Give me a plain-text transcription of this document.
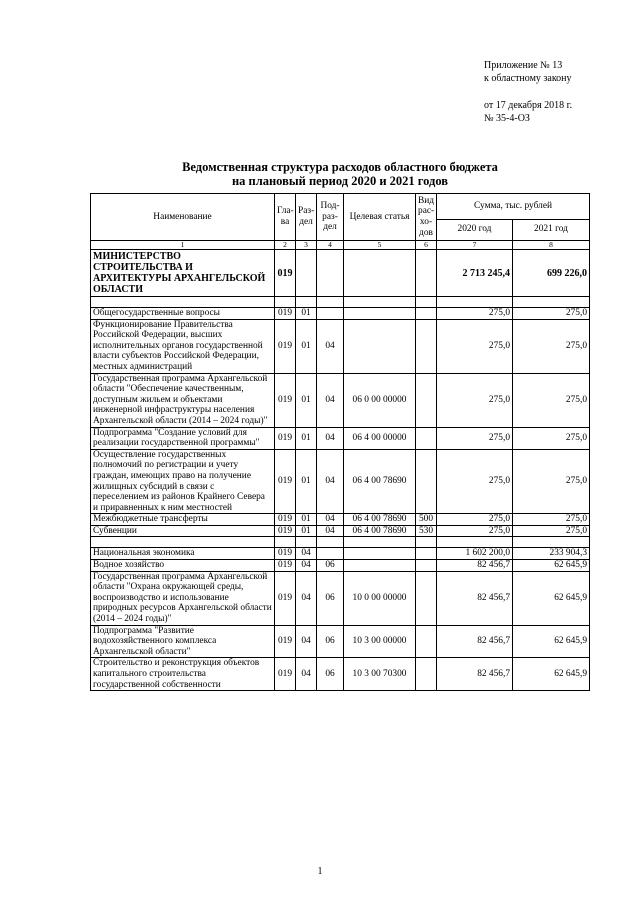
Приложение № 13
к областному закону
от 17 декабря 2018 г.
№ 35-4-ОЗ
Ведомственная структура расходов областного бюджета
на плановый период 2020 и 2021 годов
Наименование	Гла-ва	Раз-дел	Под-раз-дел	Целевая статья	Вид рас-хо-дов	Сумма, тыс. рублей	
						2020 год	2021 год
1	2	3	4	5	6	7	8
МИНИСТЕРСТВО СТРОИТЕЛЬСТВА И АРХИТЕКТУРЫ АРХАНГЕЛЬСКОЙ ОБЛАСТИ	019					2 713 245,4	699 226,0

Общегосударственные вопросы	019	01				275,0	275,0
Функционирование Правительства Российской Федерации, высших исполнительных органов государственной власти субъектов Российской Федерации, местных администраций	019	01	04			275,0	275,0
Государственная программа Архангельской области "Обеспечение качественным, доступным жильем и объектами инженерной инфраструктуры населения Архангельской области (2014 – 2024 годы)"	019	01	04	06 0 00 00000		275,0	275,0
Подпрограмма "Создание условий для реализации государственной программы"	019	01	04	06 4 00 00000		275,0	275,0
Осуществление государственных полномочий по регистрации и учету граждан, имеющих право на получение жилищных субсидий в связи с переселением из районов Крайнего Севера и приравненных к ним местностей	019	01	04	06 4 00 78690		275,0	275,0
Межбюджетные трансферты	019	01	04	06 4 00 78690	500	275,0	275,0
Субвенции	019	01	04	06 4 00 78690	530	275,0	275,0

Национальная экономика	019	04				1 602 200,0	233 904,3
Водное хозяйство	019	04	06			82 456,7	62 645,9
Государственная программа Архангельской области "Охрана окружающей среды, воспроизводство и использование природных ресурсов Архангельской области (2014 – 2024 годы)"	019	04	06	10 0 00 00000		82 456,7	62 645,9
Подпрограмма "Развитие водохозяйственного комплекса Архангельской области"	019	04	06	10 3 00 00000		82 456,7	62 645,9
Строительство и реконструкция объектов капитального строительства государственной собственности	019	04	06	10 3 00 70300		82 456,7	62 645,9
1
